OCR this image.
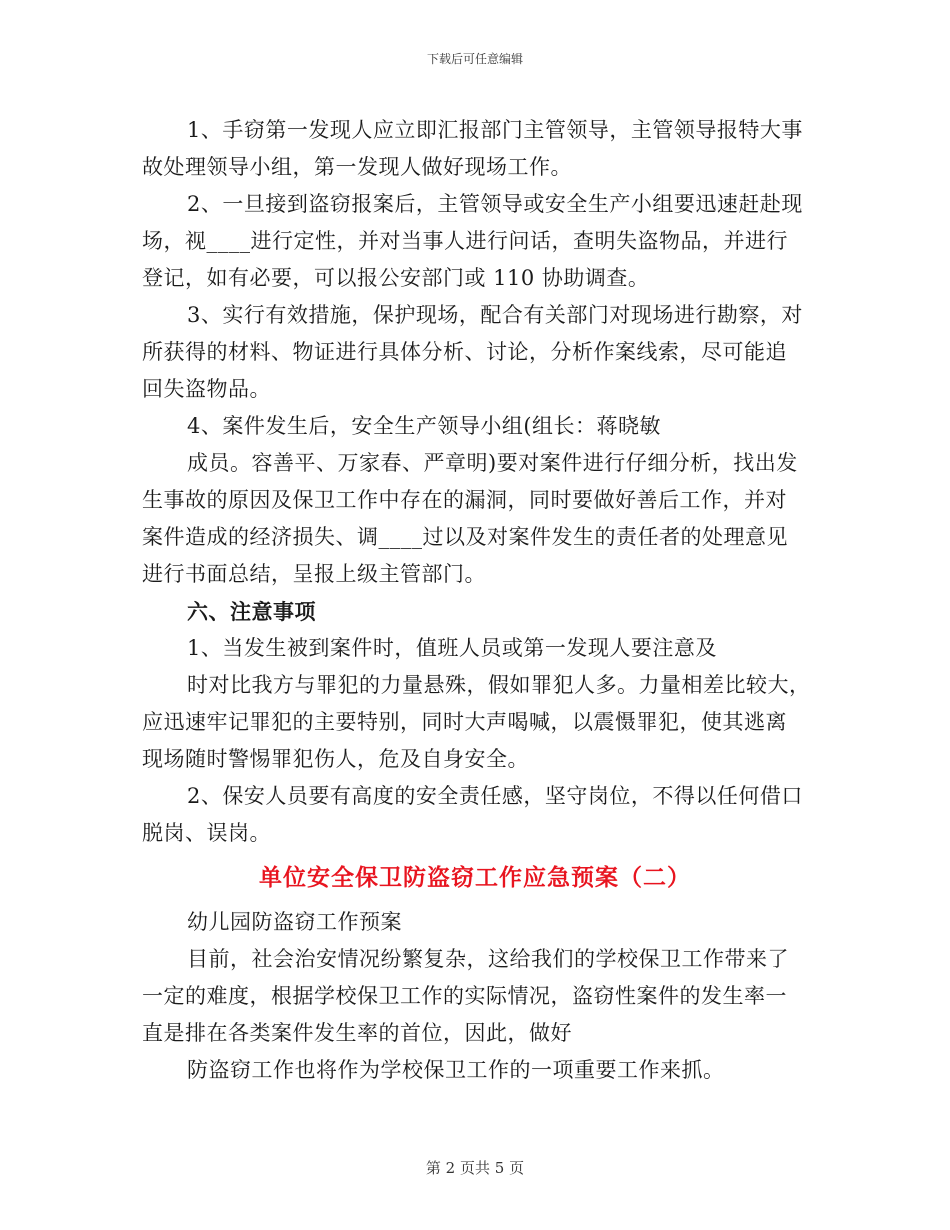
下载后可任意编辑
1、手窃第一发现人应立即汇报部门主管领导，主管领导报特大事
故处理领导小组，第一发现人做好现场工作。
2、一旦接到盗窃报案后，主管领导或安全生产小组要迅速赶赴现
场，视____进行定性，并对当事人进行问话，查明失盗物品，并进行
登记，如有必要，可以报公安部门或 110 协助调查。
3、实行有效措施，保护现场，配合有关部门对现场进行勘察，对
所获得的材料、物证进行具体分析、讨论，分析作案线索，尽可能追
回失盗物品。
4、案件发生后，安全生产领导小组(组长：蒋晓敏
成员。容善平、万家春、严章明)要对案件进行仔细分析，找出发
生事故的原因及保卫工作中存在的漏洞，同时要做好善后工作，并对
案件造成的经济损失、调____过以及对案件发生的责任者的处理意见
进行书面总结，呈报上级主管部门。
六、注意事项
1、当发生被到案件时，值班人员或第一发现人要注意及
时对比我方与罪犯的力量悬殊，假如罪犯人多。力量相差比较大，
应迅速牢记罪犯的主要特别，同时大声喝喊，以震慑罪犯，使其逃离
现场随时警惕罪犯伤人，危及自身安全。
2、保安人员要有高度的安全责任感，坚守岗位，不得以任何借口
脱岗、误岗。
单位安全保卫防盗窃工作应急预案（二）
幼儿园防盗窃工作预案
目前，社会治安情况纷繁复杂，这给我们的学校保卫工作带来了
一定的难度，根据学校保卫工作的实际情况，盗窃性案件的发生率一
直是排在各类案件发生率的首位，因此，做好
防盗窃工作也将作为学校保卫工作的一项重要工作来抓。
第 2 页共 5 页
